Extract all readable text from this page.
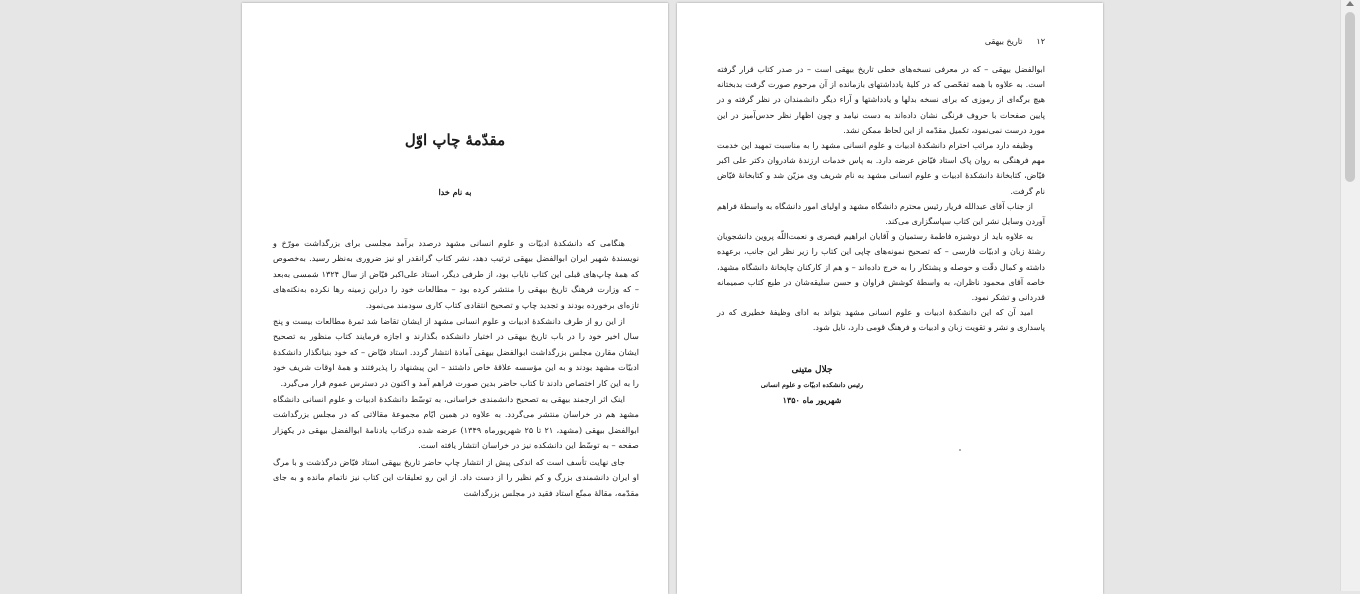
مقدّمهٔ چاپ اوّل
به نام خدا

هنگامی که دانشکدهٔ ادبیّات و علوم انسانی مشهد درصدد برآمد مجلسی برای بزرگداشت مورّخ و نویسندهٔ شهیر ایران ابوالفضل بیهقی ترتیب دهد، نشر کتاب گرانقدر او نیز ضروری به‌نظر رسید. به‌خصوص که همهٔ چاپ‌های قبلی این کتاب نایاب بود، از طرفی دیگر، استاد علی‌اکبر فیّاض از سال ۱۳۲۴ شمسی به‌بعد – که وزارت فرهنگ تاریخ بیهقی را منتشر کرده بود – مطالعات خود را دراین زمینه رها نکرده به‌نکته‌های تازه‌ای برخورده بودند و تجدید چاپ و تصحیح انتقادی کتاب کاری سودمند می‌نمود.

از این رو از طرف دانشکدهٔ ادبیات و علوم انسانی مشهد از ایشان تقاضا شد ثمرهٔ مطالعات بیست و پنج سال اخیر خود را در باب تاریخ بیهقی در اختیار دانشکده بگذارند و اجازه فرمایند کتاب منظور به تصحیح ایشان مقارن مجلس بزرگداشت ابوالفضل بیهقی آمادهٔ انتشار گردد. استاد فیّاض – که خود بنیانگذار دانشکدهٔ ادبیّات مشهد بودند و به این مؤسسه علاقهٔ خاص داشتند – این پیشنهاد را پذیرفتند و همهٔ اوقات شریف خود را به این کار اختصاص دادند تا کتاب حاضر بدین صورت فراهم آمد و اکنون در دسترس عموم قرار می‌گیرد.

اینک اثر ارجمند بیهقی به تصحیح دانشمندی خراسانی، به توسّط دانشکدهٔ ادبیات و علوم انسانی دانشگاه مشهد هم در خراسان منتشر می‌گردد. به علاوه در همین ایّام مجموعهٔ مقالاتی که در مجلس بزرگداشت ابوالفضل بیهقی (مشهد، ۲۱ تا ۲۵ شهریورماه ۱۳۴۹) عرضه شده درکتاب یادنامهٔ ابوالفضل بیهقی در یکهزار صفحه – به توسّط این دانشکده نیز در خراسان انتشار یافته است.

جای نهایت تأسف است که اندکی پیش از انتشار چاپ حاضر تاریخ بیهقی استاد فیّاض درگذشت و با مرگ او ایران دانشمندی بزرگ و کم نظیر را از دست داد. از این رو تعلیقات این کتاب نیز ناتمام مانده و به جای مقدّمه، مقالهٔ ممتّع استاد فقید در مجلس بزرگداشت

۱۲تاریخ بیهقی

ابوالفضل بیهقی – که در معرفی نسخه‌های خطی تاریخ بیهقی است – در صدر کتاب قرار گرفته است. به علاوه با همه تفحّصی که در کلیهٔ یادداشتهای بازمانده از آن مرحوم صورت گرفت بدبختانه هیچ برگه‌ای از رموزی که برای نسخه بدلها و یادداشتها و آراء دیگر دانشمندان در نظر گرفته و در پایین صفحات با حروف فرنگی نشان داده‌اند به دست نیامد و چون اظهار نظر حدس‌آمیز در این مورد درست نمی‌نمود، تکمیل مقدّمه از این لحاظ ممکن نشد.

وظیفه دارد مراتب احترام دانشکدهٔ ادبیات و علوم انسانی مشهد را به مناسبت تمهید این خدمت مهم فرهنگی به روان پاک استاد فیّاض عرضه دارد. به پاس خدمات ارزندهٔ شادروان دکتر علی اکبر فیّاض، کتابخانهٔ دانشکدهٔ ادبیات و علوم انسانی مشهد به نام شریف وی مزیّن شد و کتابخانهٔ فیّاض نام گرفت.

از جناب آقای عبدالله فریار رئیس محترم دانشگاه مشهد و اولیای امور دانشگاه به واسطهٔ فراهم آوردن وسایل نشر این کتاب سپاسگزاری می‌کند.

به علاوه باید از دوشیزه فاطمهٔ رستمیان و آقایان ابراهیم قیصری و نعمت‌اللّه پروین دانشجویان رشتهٔ زبان و ادبیّات فارسی – که تصحیح نمونه‌های چاپی این کتاب را زیر نظر این جانب، برعهده داشته و کمال دقّت و حوصله و پشتکار را به خرج داده‌اند – و هم از کارکنان چاپخانهٔ دانشگاه مشهد، خاصه آقای محمود ناظران، به واسطهٔ کوشش فراوان و حسن سلیقه‌شان در طبع کتاب صمیمانه قدردانی و تشکر نمود.

امید آن که این دانشکدهٔ ادبیات و علوم انسانی مشهد بتواند به ادای وظیفهٔ خطیری که در پاسداری و نشر و تقویت زبان و ادبیات و فرهنگ قومی دارد، نایل شود.

جلال متینی
رئیس دانشکده ادبیّات و علوم انسانی
شهریور ماه ۱۳۵۰
